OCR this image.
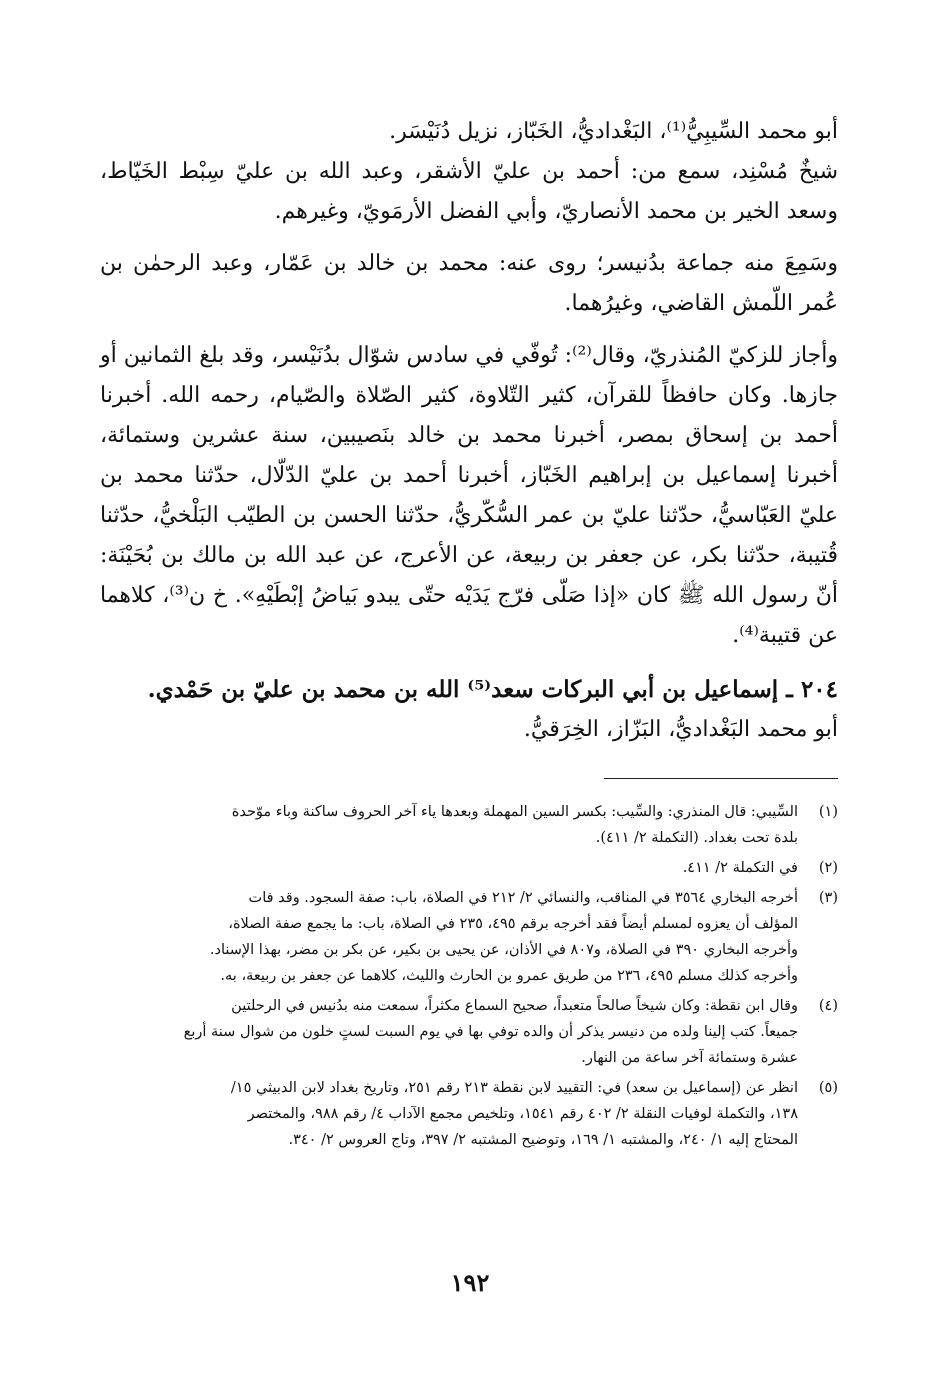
أبو محمد السِّيبِيُّ⁽¹⁾، البَغْداديُّ، الخَبّاز، نزيل دُنَيْسَر.

شيخٌ مُسْنِد، سمع من: أحمد بن عليّ الأشقر، وعبد الله بن عليّ سِبْط الخَيّاط، وسعد الخير بن محمد الأنصاريّ، وأبي الفضل الأرمَويّ، وغيرهم.

وسَمِعَ منه جماعة بدُنيسر؛ روى عنه: محمد بن خالد بن عَمّار، وعبد الرحمٰن بن عُمر اللّمش القاضي، وغيرُهما.

وأجاز للزكيّ المُنذريّ، وقال⁽²⁾: تُوفّي في سادس شوّال بدُنَيْسر، وقد بلغ الثمانين أو جازها. وكان حافظاً للقرآن، كثير التّلاوة، كثير الصّلاة والصّيام، رحمه الله. أخبرنا أحمد بن إسحاق بمصر، أخبرنا محمد بن خالد بنَصيبين، سنة عشرين وستمائة، أخبرنا إسماعيل بن إبراهيم الخَبّاز، أخبرنا أحمد بن عليّ الدّلّال، حدّثنا محمد بن عليّ العَبّاسيُّ، حدّثنا عليّ بن عمر السُّكّريُّ، حدّثنا الحسن بن الطيّب البَلْخيُّ، حدّثنا قُتيبة، حدّثنا بكر، عن جعفر بن ربيعة، عن الأعرج، عن عبد الله بن مالك بن بُحَيْنَة: أنّ رسول الله ﷺ كان «إذا صَلّى فرّج يَدَيْه حتّى يبدو بَياضُ إبْطَيْهِ». خ ن⁽³⁾، كلاهما عن قتيبة⁽⁴⁾.

٢٠٤ ـ إسماعيل بن أبي البركات سعد⁽⁵⁾ الله بن محمد بن عليّ بن حَمْدي.
أبو محمد البَغْداديُّ، البَزّاز، الخِرَقيُّ.
(١)
السِّيبي: قال المنذري: والسِّيب: بكسر السين المهملة وبعدها ياء آخر الحروف ساكنة وباء موّحدة
بلدة تحت بغداد. (التكملة ٢/ ٤١١).
(٢)
في التكملة ٢/ ٤١١.
(٣)
أخرجه البخاري ٣٥٦٤ في المناقب، والنسائي ٢/ ٢١٢ في الصلاة، باب: صفة السجود. وقد فات
المؤلف أن يعزوه لمسلم أيضاً فقد أخرجه برقم ٤٩٥، ٢٣٥ في الصلاة، باب: ما يجمع صفة الصلاة،
وأخرجه البخاري ٣٩٠ في الصلاة، و٨٠٧ في الأذان، عن يحيى بن بكير، عن بكر بن مضر، بهذا الإسناد.
وأخرجه كذلك مسلم ٤٩٥، ٢٣٦ من طريق عمرو بن الحارث والليث، كلاهما عن جعفر بن ربيعة، به.
(٤)
وقال ابن نقطة: وكان شيخاً صالحاً متعبداً، صحيح السماع مكثراً، سمعت منه بدُنيس في الرحلتين
جميعاً. كتب إلينا ولده من دنيسر يذكر أن والده توفي بها في يوم السبت لستٍ خلون من شوال سنة أربع
عشرة وستمائة آخر ساعة من النهار.
(٥)
انظر عن (إسماعيل بن سعد) في: التقييد لابن نقطة ٢١٣ رقم ٢٥١، وتاريخ بغداد لابن الدبيثي ١٥/
١٣٨، والتكملة لوفيات النقلة ٢/ ٤٠٢ رقم ١٥٤١، وتلخيص مجمع الآداب ٤/ رقم ٩٨٨، والمختصر
المحتاج إليه ١/ ٢٤٠، والمشتبه ١/ ١٦٩، وتوضيح المشتبه ٢/ ٣٩٧، وتاج العروس ٢/ ٣٤٠.
١٩٢
